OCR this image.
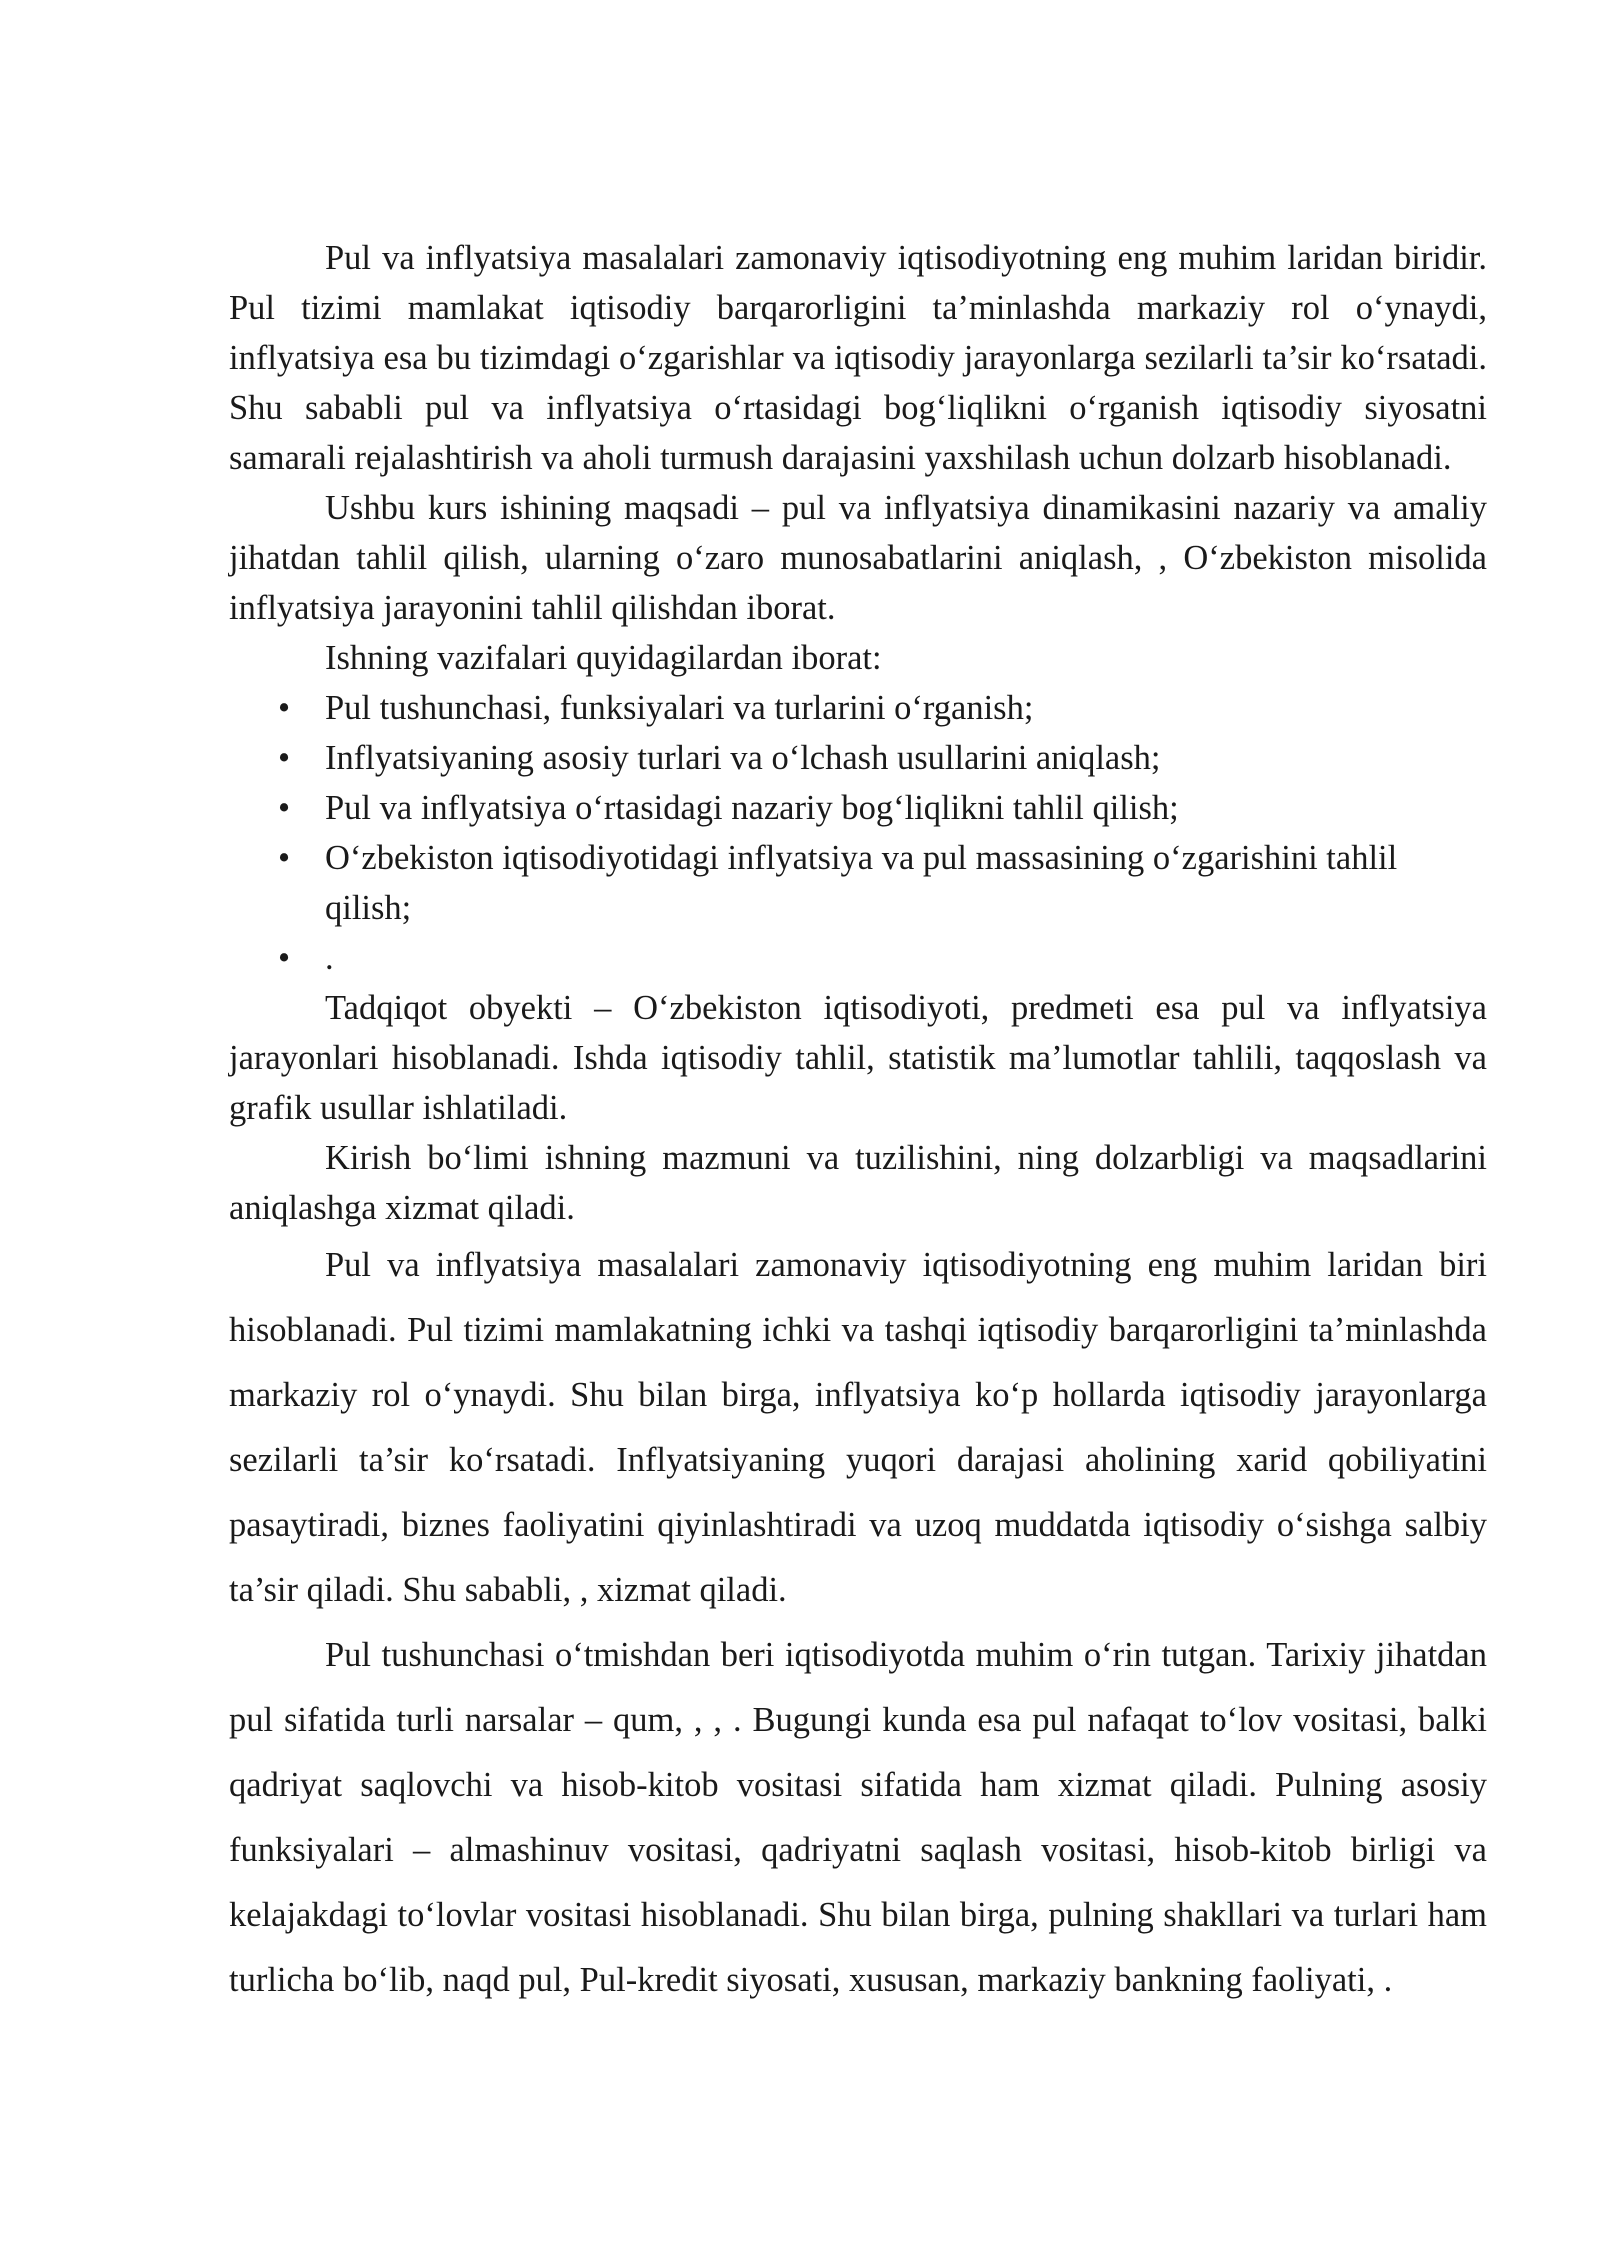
Pul va inflyatsiya masalalari zamonaviy iqtisodiyotning eng muhim laridan biridir. Pul tizimi mamlakat iqtisodiy barqarorligini ta’minlashda markaziy rol o‘ynaydi, inflyatsiya esa bu tizimdagi o‘zgarishlar va iqtisodiy jarayonlarga sezilarli ta’sir ko‘rsatadi. Shu sababli pul va inflyatsiya o‘rtasidagi bog‘liqlikni o‘rganish iqtisodiy siyosatni samarali rejalashtirish va aholi turmush darajasini yaxshilash uchun dolzarb hisoblanadi.

Ushbu kurs ishining maqsadi – pul va inflyatsiya dinamikasini nazariy va amaliy jihatdan tahlil qilish, ularning o‘zaro munosabatlarini aniqlash, , O‘zbekiston misolida inflyatsiya jarayonini tahlil qilishdan iborat.

Ishning vazifalari quyidagilardan iborat:

• Pul tushunchasi, funksiyalari va turlarini o‘rganish;
• Inflyatsiyaning asosiy turlari va o‘lchash usullarini aniqlash;
• Pul va inflyatsiya o‘rtasidagi nazariy bog‘liqlikni tahlil qilish;
• O‘zbekiston iqtisodiyotidagi inflyatsiya va pul massasining o‘zgarishini tahlil qilish;
• .

Tadqiqot obyekti – O‘zbekiston iqtisodiyoti, predmeti esa pul va inflyatsiya jarayonlari hisoblanadi. Ishda iqtisodiy tahlil, statistik ma’lumotlar tahlili, taqqoslash va grafik usullar ishlatiladi.

Kirish bo‘limi ishning mazmuni va tuzilishini, ning dolzarbligi va maqsadlarini aniqlashga xizmat qiladi.

Pul va inflyatsiya masalalari zamonaviy iqtisodiyotning eng muhim laridan biri hisoblanadi. Pul tizimi mamlakatning ichki va tashqi iqtisodiy barqarorligini ta’minlashda markaziy rol o‘ynaydi. Shu bilan birga, inflyatsiya ko‘p hollarda iqtisodiy jarayonlarga sezilarli ta’sir ko‘rsatadi. Inflyatsiyaning yuqori darajasi aholining xarid qobiliyatini pasaytiradi, biznes faoliyatini qiyinlashtiradi va uzoq muddatda iqtisodiy o‘sishga salbiy ta’sir qiladi. Shu sababli, , xizmat qiladi.

Pul tushunchasi o‘tmishdan beri iqtisodiyotda muhim o‘rin tutgan. Tarixiy jihatdan pul sifatida turli narsalar – qum, , , . Bugungi kunda esa pul nafaqat to‘lov vositasi, balki qadriyat saqlovchi va hisob-kitob vositasi sifatida ham xizmat qiladi. Pulning asosiy funksiyalari – almashinuv vositasi, qadriyatni saqlash vositasi, hisob-kitob birligi va kelajakdagi to‘lovlar vositasi hisoblanadi. Shu bilan birga, pulning shakllari va turlari ham turlicha bo‘lib, naqd pul, Pul-kredit siyosati, xususan, markaziy bankning faoliyati, .
